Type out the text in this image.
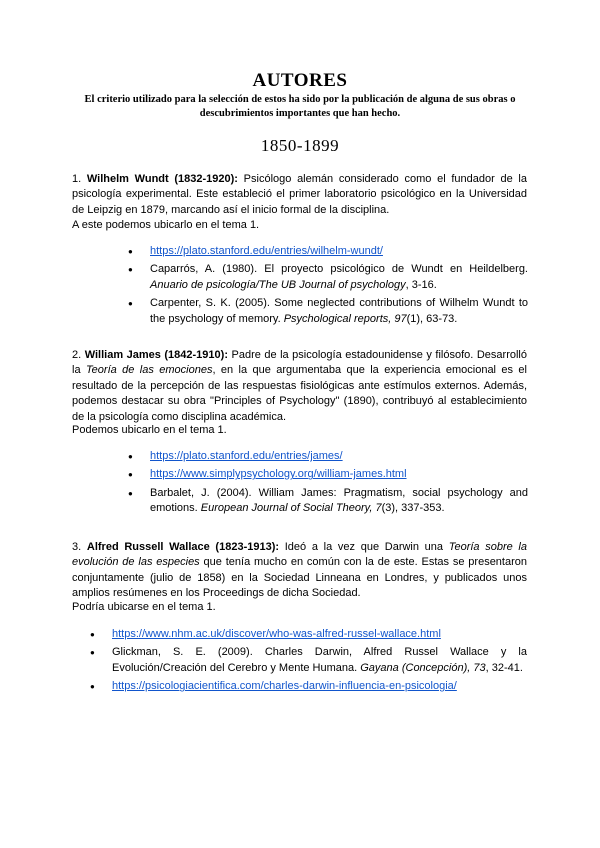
AUTORES
El criterio utilizado para la selección de estos ha sido por la publicación de alguna de sus obras o descubrimientos importantes que han hecho.
1850-1899
1. Wilhelm Wundt (1832-1920): Psicólogo alemán considerado como el fundador de la psicología experimental. Este estableció el primer laboratorio psicológico en la Universidad de Leipzig en 1879, marcando así el inicio formal de la disciplina.
A este podemos ubicarlo en el tema 1.
● https://plato.stanford.edu/entries/wilhelm-wundt/
● Caparrós, A. (1980). El proyecto psicológico de Wundt en Heildelberg. Anuario de psicología/The UB Journal of psychology, 3-16.
● Carpenter, S. K. (2005). Some neglected contributions of Wilhelm Wundt to the psychology of memory. Psychological reports, 97(1), 63-73.
2. William James (1842-1910): Padre de la psicología estadounidense y filósofo. Desarrolló la Teoría de las emociones, en la que argumentaba que la experiencia emocional es el resultado de la percepción de las respuestas fisiológicas ante estímulos externos. Además, podemos destacar su obra "Principles of Psychology" (1890), contribuyó al establecimiento de la psicología como disciplina académica.
Podemos ubicarlo en el tema 1.
● https://plato.stanford.edu/entries/james/
● https://www.simplypsychology.org/william-james.html
● Barbalet, J. (2004). William James: Pragmatism, social psychology and emotions. European Journal of Social Theory, 7(3), 337-353.
3. Alfred Russell Wallace (1823-1913): Ideó a la vez que Darwin una Teoría sobre la evolución de las especies que tenía mucho en común con la de este. Estas se presentaron conjuntamente (julio de 1858) en la Sociedad Linneana en Londres, y publicados unos amplios resúmenes en los Proceedings de dicha Sociedad.
Podría ubicarse en el tema 1.
● https://www.nhm.ac.uk/discover/who-was-alfred-russel-wallace.html
● Glickman, S. E. (2009). Charles Darwin, Alfred Russel Wallace y la Evolución/Creación del Cerebro y Mente Humana. Gayana (Concepción), 73, 32-41.
● https://psicologiacientifica.com/charles-darwin-influencia-en-psicologia/
